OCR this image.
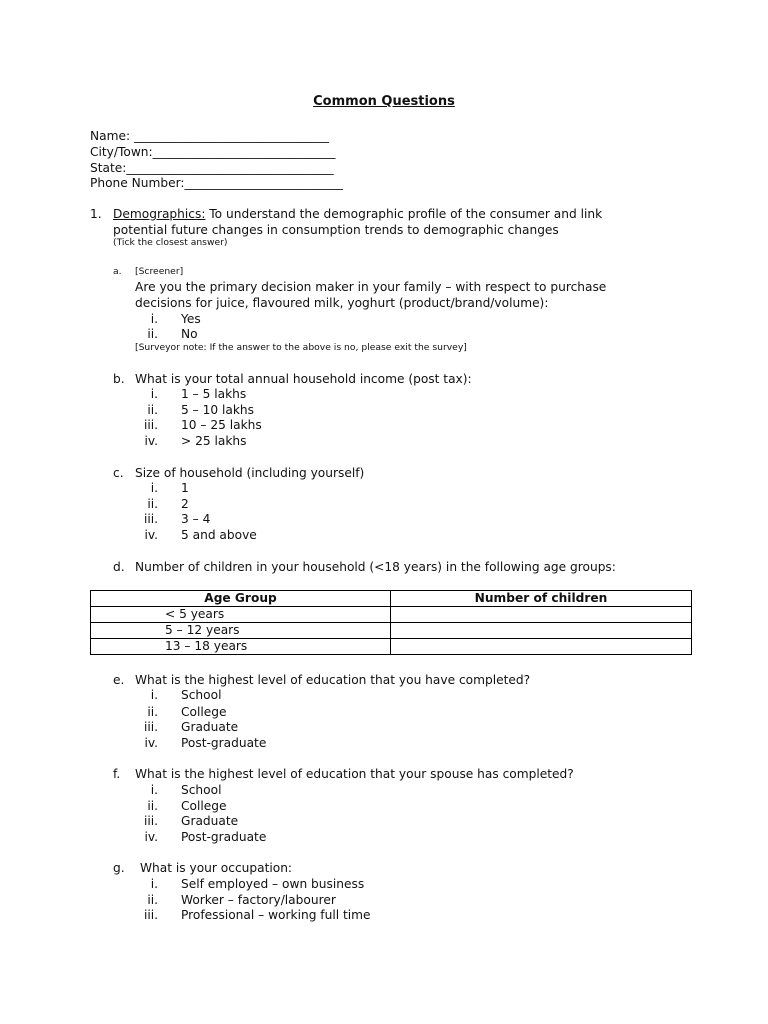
Common Questions
Name: ________________________________
City/Town:______________________________
State:__________________________________
Phone Number:__________________________
1. Demographics: To understand the demographic profile of the consumer and link
potential future changes in consumption trends to demographic changes
(Tick the closest answer)
a. [Screener]
Are you the primary decision maker in your family – with respect to purchase
decisions for juice, flavoured milk, yoghurt (product/brand/volume):
i. Yes
ii. No
[Surveyor note: If the answer to the above is no, please exit the survey]
b. What is your total annual household income (post tax):
i. 1 – 5 lakhs
ii. 5 – 10 lakhs
iii. 10 – 25 lakhs
iv. > 25 lakhs
c. Size of household (including yourself)
i. 1
ii. 2
iii. 3 – 4
iv. 5 and above
d. Number of children in your household (<18 years) in the following age groups:
Age Group	Number of children
< 5 years	
5 – 12 years	
13 – 18 years	
e. What is the highest level of education that you have completed?
i. School
ii. College
iii. Graduate
iv. Post-graduate
f. What is the highest level of education that your spouse has completed?
i. School
ii. College
iii. Graduate
iv. Post-graduate
g. What is your occupation:
i. Self employed – own business
ii. Worker – factory/labourer
iii. Professional – working full time
